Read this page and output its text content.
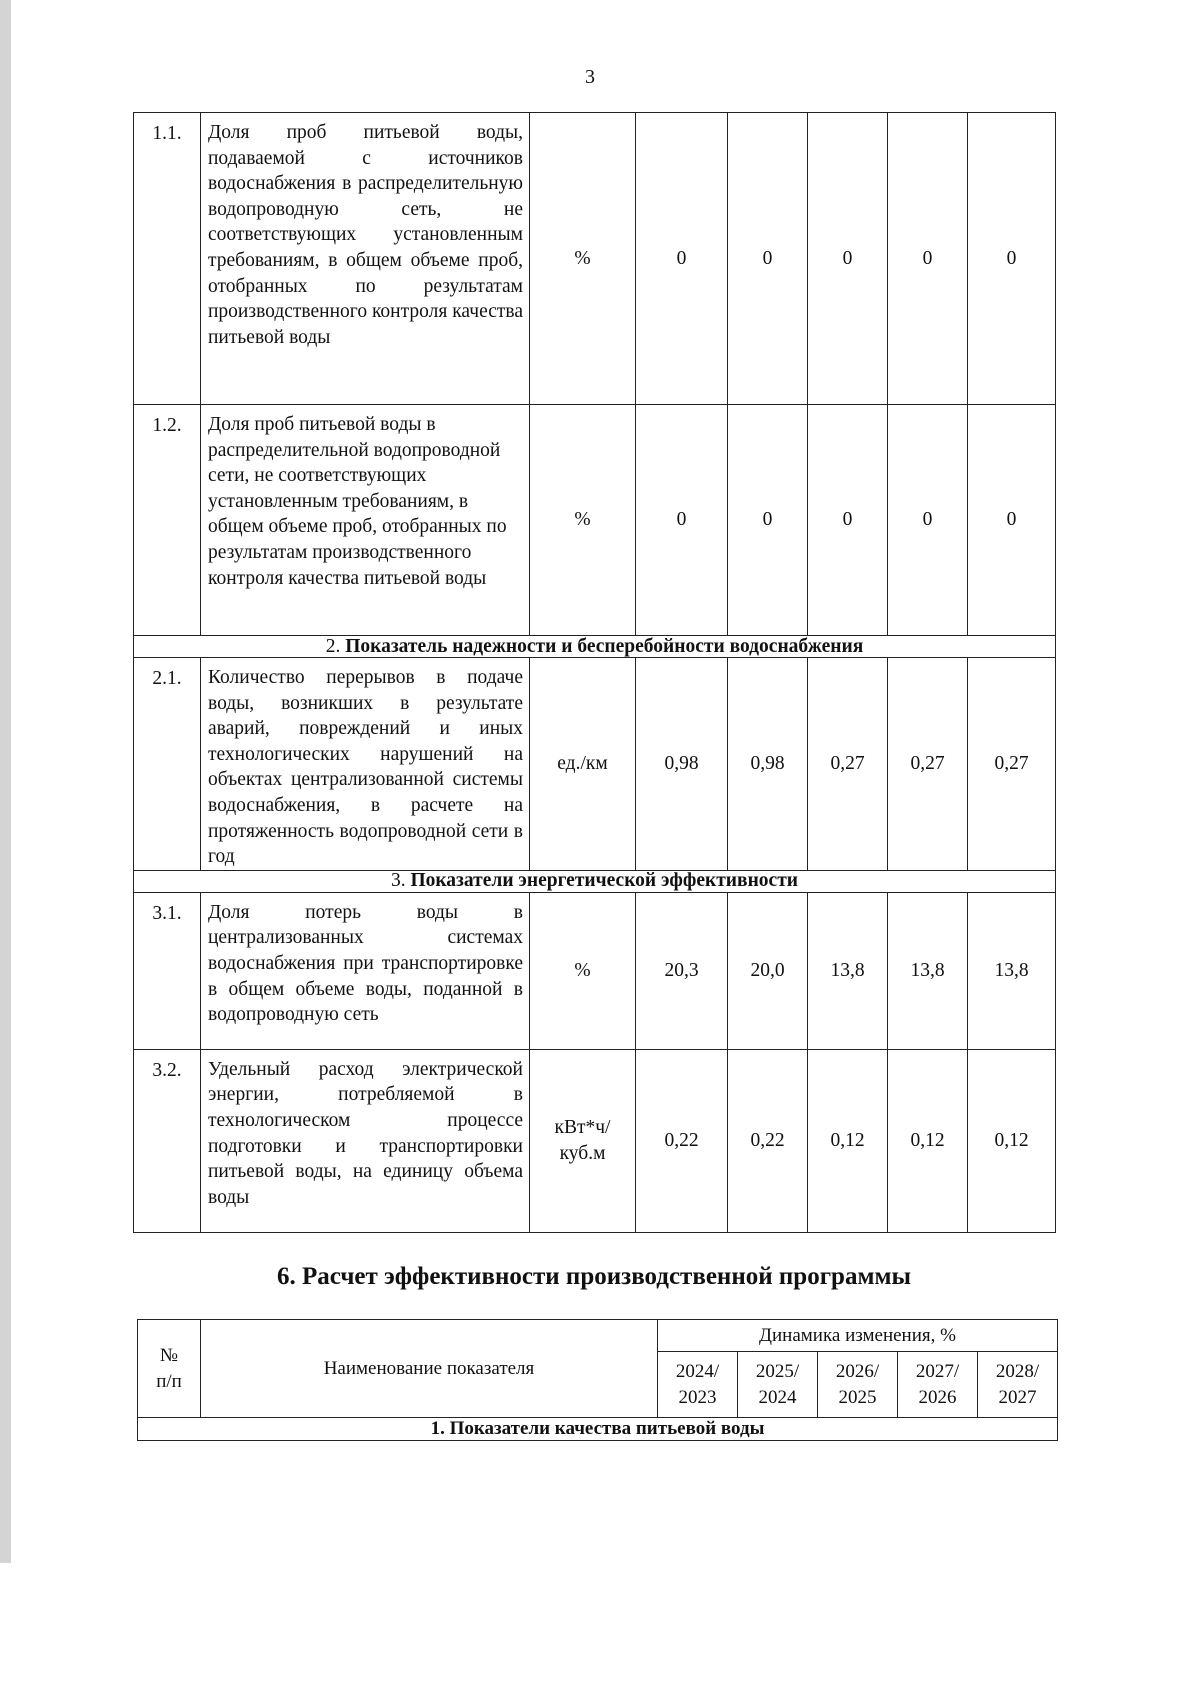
3
1.1.	Доля проб питьевой воды, подаваемой с источников водоснабжения в распределительную водопроводную сеть, не соответствующих установленным требованиям, в общем объеме проб, отобранных по результатам производственного контроля качества питьевой воды	%	0	0	0	0	0
1.2.	Доля проб питьевой воды в распределительной водопроводной сети, не соответствующих установленным требованиям, в общем объеме проб, отобранных по результатам производственного контроля качества питьевой воды	%	0	0	0	0	0
2. Показатель надежности и бесперебойности водоснабжения							
2.1.	Количество перерывов в подаче воды, возникших в результате аварий, повреждений и иных технологических нарушений на объектах централизованной системы водоснабжения, в расчете на протяженность водопроводной сети в год	ед./км	0,98	0,98	0,27	0,27	0,27
3. Показатели энергетической эффективности							
3.1.	Доля потерь воды в централизованных системах водоснабжения при транспортировке в общем объеме воды, поданной в водопроводную сеть	%	20,3	20,0	13,8	13,8	13,8
3.2.	Удельный расход электрической энергии, потребляемой в технологическом процессе подготовки и транспортировки питьевой воды, на единицу объема воды	кВт*ч/ куб.м	0,22	0,22	0,12	0,12	0,12
6. Расчет эффективности производственной программы
№ п/п	Наименование показателя	Динамика изменения, %				
		2024/ 2023	2025/ 2024	2026/ 2025	2027/ 2026	2028/ 2027
1. Показатели качества питьевой воды						
